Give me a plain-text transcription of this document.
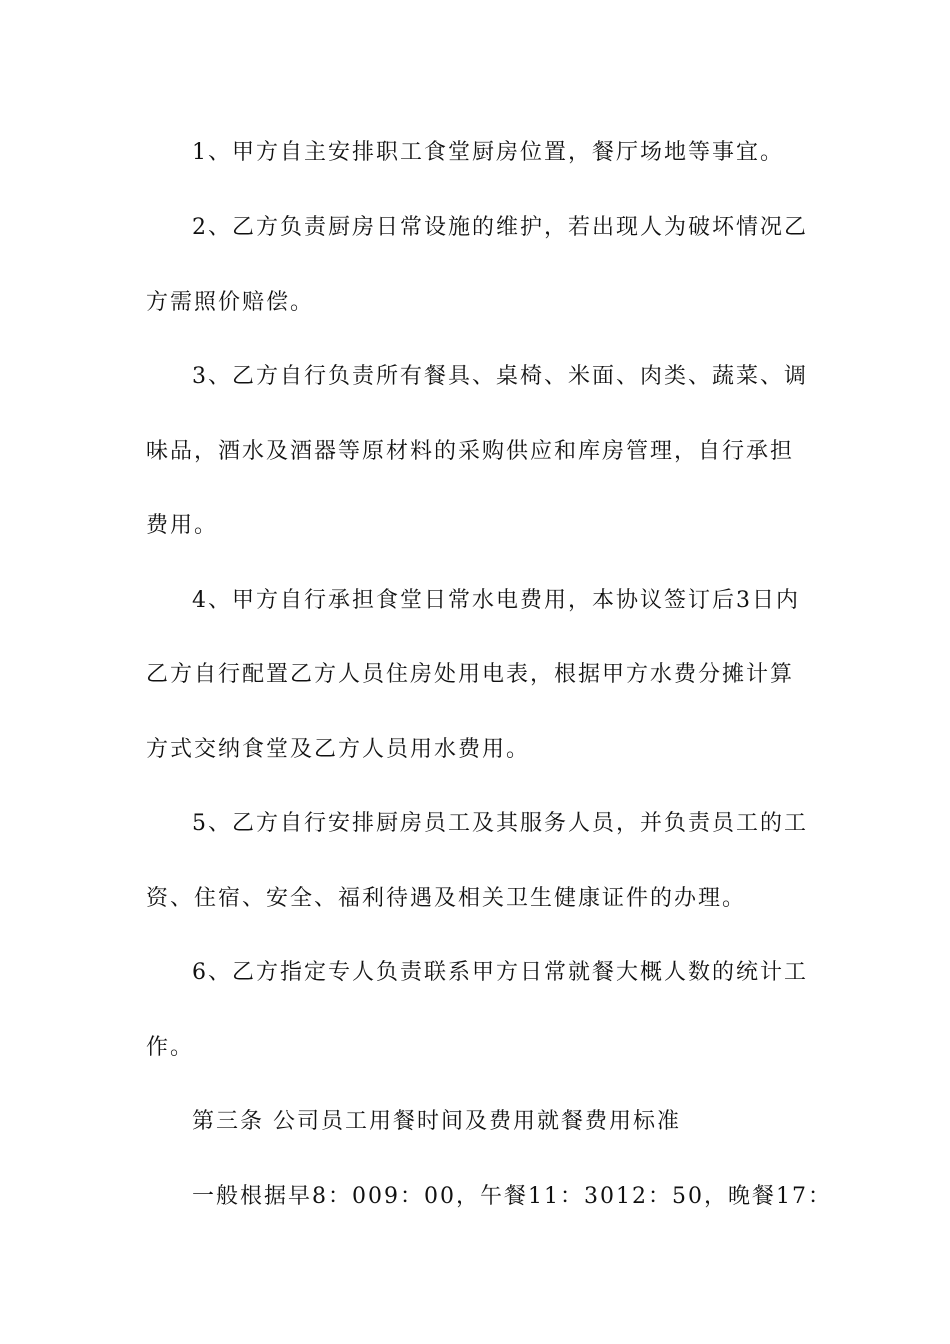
1、甲方自主安排职工食堂厨房位置，餐厅场地等事宜。
2、乙方负责厨房日常设施的维护，若出现人为破坏情况乙
方需照价赔偿。
3、乙方自行负责所有餐具、桌椅、米面、肉类、蔬菜、调
味品，酒水及酒器等原材料的采购供应和库房管理，自行承担
费用。
4、甲方自行承担食堂日常水电费用，本协议签订后3日内
乙方自行配置乙方人员住房处用电表，根据甲方水费分摊计算
方式交纳食堂及乙方人员用水费用。
5、乙方自行安排厨房员工及其服务人员，并负责员工的工
资、住宿、安全、福利待遇及相关卫生健康证件的办理。
6、乙方指定专人负责联系甲方日常就餐大概人数的统计工
作。
第三条 公司员工用餐时间及费用就餐费用标准
一般根据早8：009：00，午餐11：3012：50，晚餐17：
